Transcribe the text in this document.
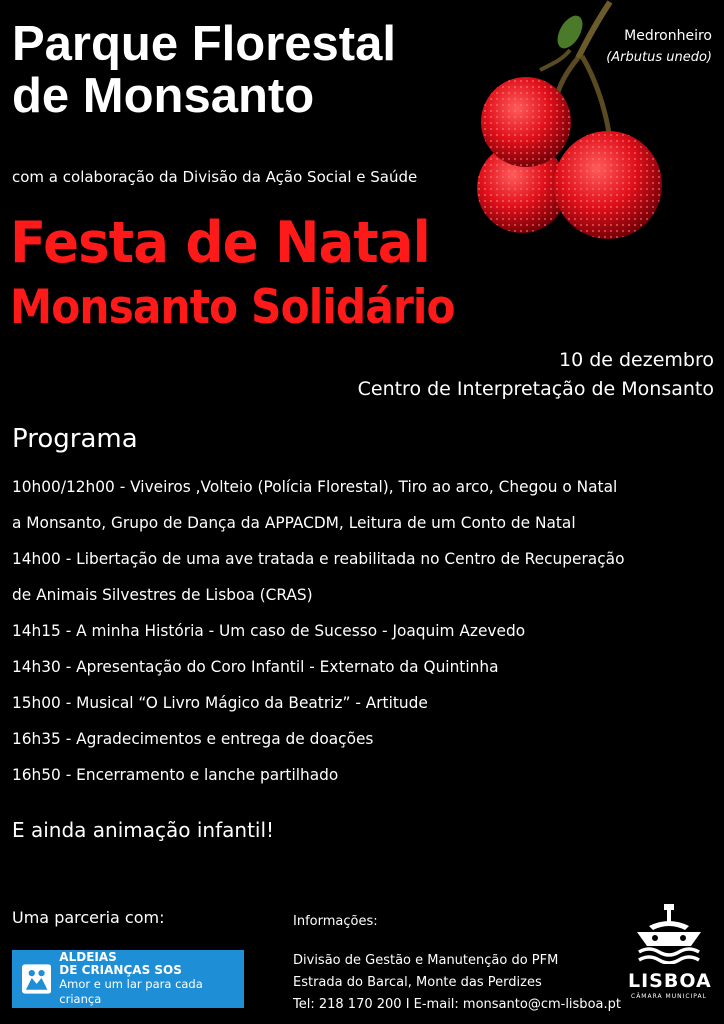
Parque Florestal
de Monsanto
com a colaboração da Divisão da Ação Social e Saúde
Medronheiro
(Arbutus unedo)
Festa de Natal
Monsanto Solidário
10 de dezembro
Centro de Interpretação de Monsanto
Programa
10h00/12h00 - Viveiros ,Volteio (Polícia Florestal), Tiro ao arco, Chegou o Natal
a Monsanto, Grupo de Dança da APPACDM, Leitura de um Conto de Natal
14h00 - Libertação de uma ave tratada e reabilitada no Centro de Recuperação
de Animais Silvestres de Lisboa (CRAS)
14h15 - A minha História - Um caso de Sucesso - Joaquim Azevedo
14h30 - Apresentação do Coro Infantil - Externato da Quintinha
15h00 - Musical “O Livro Mágico da Beatriz” - Artitude
16h35 - Agradecimentos e entrega de doações
16h50 - Encerramento e lanche partilhado
E ainda animação infantil!
Uma parceria com:
ALDEIAS
DE CRIANÇAS SOS
Amor e um lar para cada criança
Informações:
Divisão de Gestão e Manutenção do PFM
Estrada do Barcal, Monte das Perdizes
Tel: 218 170 200 I E-mail: monsanto@cm-lisboa.pt
LISBOA
CÂMARA MUNICIPAL
